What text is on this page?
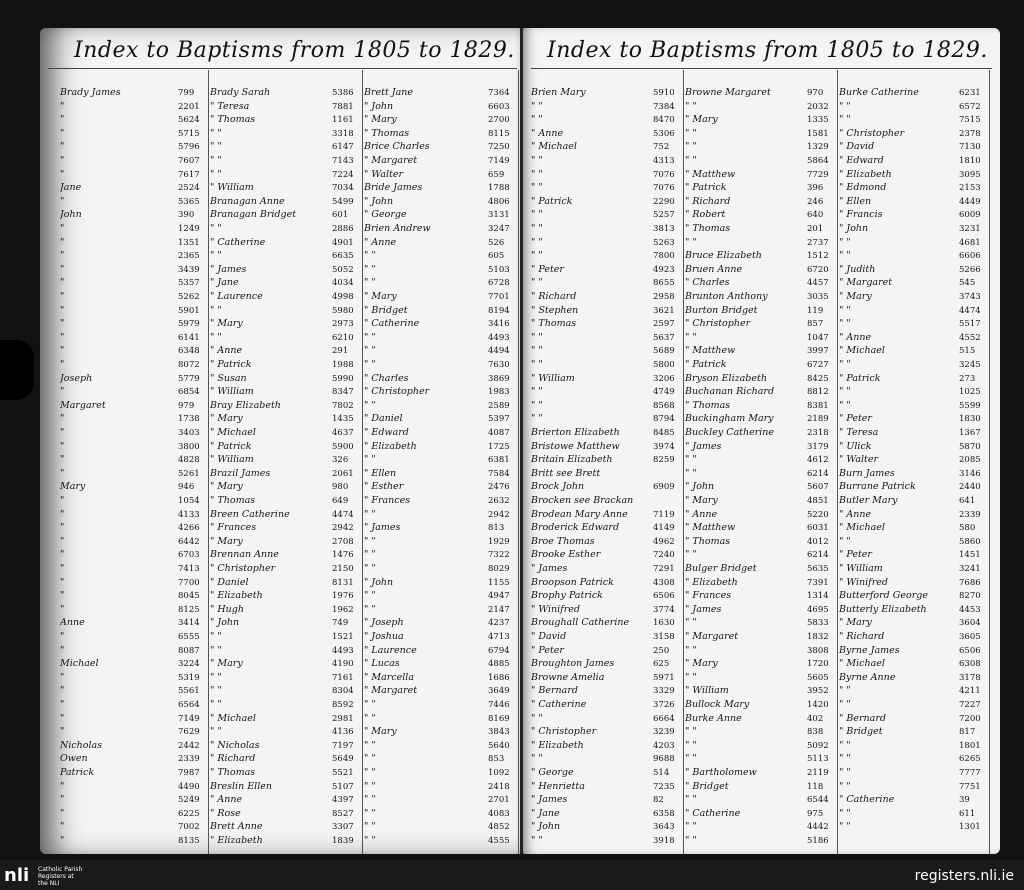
Index to Baptisms from 1805 to 1829.
Brady James	799
"	2201
"	5624
"	5715
"	5796
"	7607
"	7617
Jane	2524
"	5365
John	390
"	1249
"	1351
"	2365
"	3439
"	5357
"	5262
"	5901
"	5979
"	6141
"	6348
"	8072
Joseph	5779
"	6854
Margaret	979
"	1738
"	3403
"	3800
"	4828
"	5261
Mary	946
"	1054
"	4133
"	4266
"	6442
"	6703
"	7413
"	7700
"	8045
"	8125
Anne	3414
"	6555
"	8087
Michael	3224
"	5319
"	5561
"	6564
"	7149
"	7629
Nicholas	2442
Owen	2339
Patrick	7987
"	4490
"	5249
"	6225
"	7002
"	8135
Brady Sarah	5386
" Teresa	7881
" Thomas	1161
" "	3318
" "	6147
" "	7143
" "	7224
" William	7034
Branagan Anne	5499
Branagan Bridget	601
" "	2886
" Catherine	4901
" "	6635
" James	5052
" Jane	4034
" Laurence	4998
" "	5980
" Mary	2973
" "	6210
" Anne	291
" Patrick	1988
" Susan	5990
" William	8347
Bray Elizabeth	7802
" Mary	1435
" Michael	4637
" Patrick	5900
" William	326
Brazil James	2061
" Mary	980
" Thomas	649
Breen Catherine	4474
" Frances	2942
" Mary	2708
Brennan Anne	1476
" Christopher	2150
" Daniel	8131
" Elizabeth	1976
" Hugh	1962
" John	749
" "	1521
" "	4493
" Mary	4190
" "	7161
" "	8304
" "	8592
" Michael	2981
" "	4136
" Nicholas	7197
" Richard	5649
" Thomas	5521
Breslin Ellen	5107
" Anne	4397
" Rose	8527
Brett Anne	3307
" Elizabeth	1839
Brett Jane	7364
" John	6603
" Mary	2700
" Thomas	8115
Brice Charles	7250
" Margaret	7149
" Walter	659
Bride James	1788
" John	4806
" George	3131
Brien Andrew	3247
" Anne	526
" "	605
" "	5103
" "	6728
" Mary	7701
" Bridget	8194
" Catherine	3416
" "	4493
" "	4494
" "	7630
" Charles	3869
" Christopher	1983
" "	2589
" Daniel	5397
" Edward	4087
" Elizabeth	1725
" "	6381
" Ellen	7584
" Esther	2476
" Frances	2632
" "	2942
" James	813
" "	1929
" "	7322
" "	8029
" John	1155
" "	4947
" "	2147
" Joseph	4237
" Joshua	4713
" Laurence	6794
" Lucas	4885
" Marcella	1686
" Margaret	3649
" "	7446
" "	8169
" Mary	3843
" "	5640
" "	853
" "	1092
" "	2418
" "	2701
" "	4083
" "	4852
" "	4555
Index to Baptisms from 1805 to 1829.
Brien Mary	5910
" "	7384
" "	8470
" Anne	5306
" Michael	752
" "	4313
" "	7076
" "	7076
" Patrick	2290
" "	5257
" "	3813
" "	5263
" "	7800
" Peter	4923
" "	8655
" Richard	2958
" Stephen	3621
" Thomas	2597
" "	5637
" "	5689
" "	5800
" William	3206
" "	4749
" "	8568
" "	8794
Brierton Elizabeth	8485
Bristowe Matthew	3974
Britain Elizabeth	8259
Britt see Brett
Brock John	6909
Brocken see Brackan
Brodean Mary Anne	7119
Broderick Edward	4149
Broe Thomas	4962
Brooke Esther	7240
" James	7291
Broopson Patrick	4308
Brophy Patrick	6506
" Winifred	3774
Broughall Catherine	1630
" David	3158
" Peter	250
Broughton James	625
Browne Amelia	5971
" Bernard	3329
" Catherine	3726
" "	6664
" Christopher	3239
" Elizabeth	4203
" "	9688
" George	514
" Henrietta	7235
" James	82
" Jane	6358
" John	3643
" "	3918
Browne Margaret	970
" "	2032
" Mary	1335
" "	1581
" "	1329
" "	5864
" Matthew	7729
" Patrick	396
" Richard	246
" Robert	640
" Thomas	201
" "	2737
Bruce Elizabeth	1512
Bruen Anne	6720
" Charles	4457
Brunton Anthony	3035
Burton Bridget	119
" Christopher	857
" "	1047
" Matthew	3997
" Patrick	6727
Bryson Elizabeth	8425
Buchanan Richard	8812
" Thomas	8381
Buckingham Mary	2189
Buckley Catherine	2318
" James	3179
" "	4612
" "	6214
" John	5607
" Mary	4851
" Anne	5220
" Matthew	6031
" Thomas	4012
" "	6214
Bulger Bridget	5635
" Elizabeth	7391
" Frances	1314
" James	4695
" "	5833
" Margaret	1832
" "	3808
" Mary	1720
" "	5605
" William	3952
Bullock Mary	1420
Burke Anne	402
" "	838
" "	5092
" "	5113
" Bartholomew	2119
" Bridget	118
" "	6544
" Catherine	975
" "	4442
" "	5186
Burke Catherine	6231
" "	6572
" "	7515
" Christopher	2378
" David	7130
" Edward	1810
" Elizabeth	3095
" Edmond	2153
" Ellen	4449
" Francis	6009
" John	3231
" "	4681
" "	6606
" Judith	5266
" Margaret	545
" Mary	3743
" "	4474
" "	5517
" Anne	4552
" Michael	515
" "	3245
" Patrick	273
" "	1025
" "	5599
" Peter	1830
" Teresa	1367
" Ulick	5870
" Walter	2085
Burn James	3146
Burrane Patrick	2440
Butler Mary	641
" Anne	2339
" Michael	580
" "	5860
" Peter	1451
" William	3241
" Winifred	7686
Butterford George	8270
Butterly Elizabeth	4453
" Mary	3604
" Richard	3605
Byrne James	6506
" Michael	6308
Byrne Anne	3178
" "	4211
" "	7227
" Bernard	7200
" Bridget	817
" "	1801
" "	6265
" "	7777
" "	7751
" Catherine	39
" "	611
" "	1301
nli	Catholic Parish
Registers at
the NLI	registers.nli.ie
